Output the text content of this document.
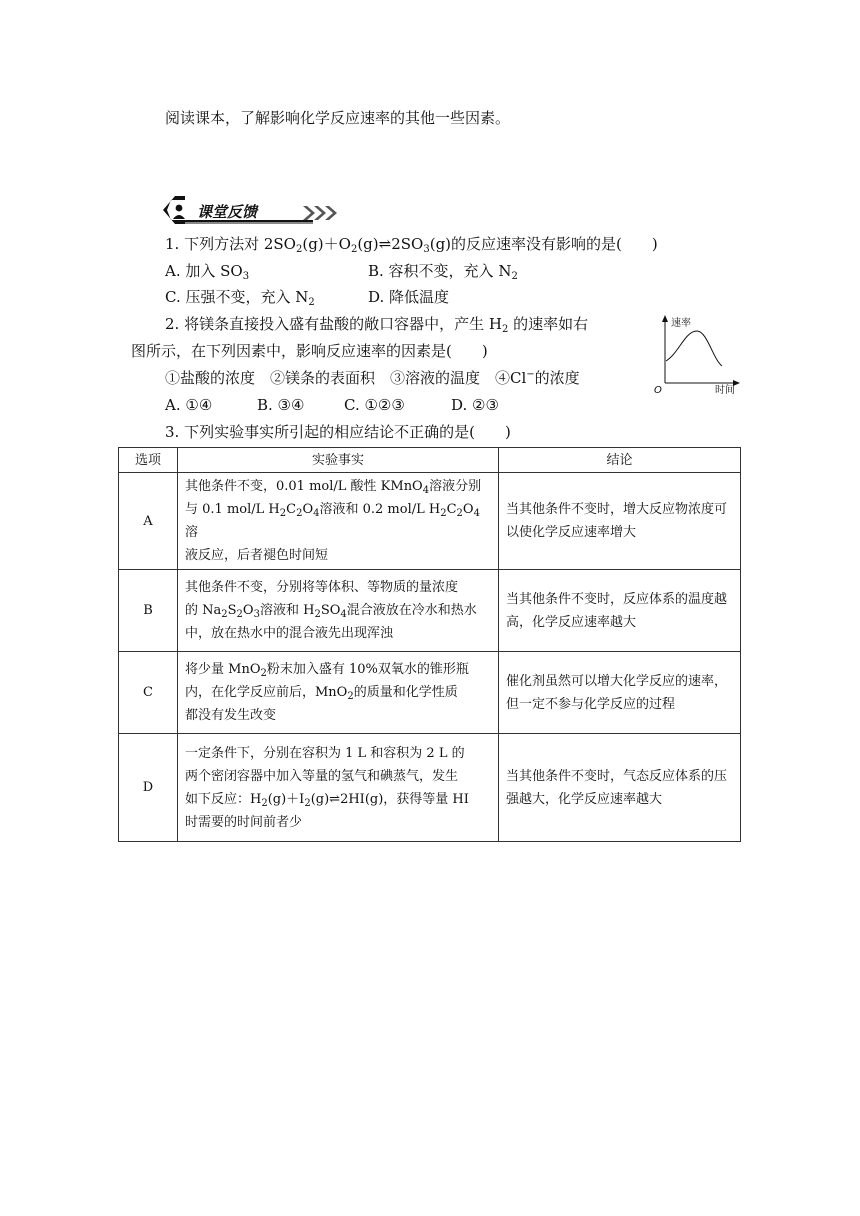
阅读课本，了解影响化学反应速率的其他一些因素。
课堂反馈
1. 下列方法对 $2SO_2(g)+O_2(g)\rightleftharpoons 2SO_3(g)$的反应速率没有影响的是( )
A. 加入 $SO_3$	B. 容积不变，充入 $N_2$
C. 压强不变，充入 $N_2$	D. 降低温度
2. 将镁条直接投入盛有盐酸的敞口容器中，产生 $H_2$ 的速率如右
图所示，在下列因素中，影响反应速率的因素是( )
①盐酸的浓度　②镁条的表面积　③溶液的温度　④Cl−的浓度
A. ①④	B. ③④	C. ①②③	D. ②③
速率
O	时间
3. 下列实验事实所引起的相应结论不正确的是( )
选项	实验事实	结论
A	其他条件不变，0.01 mol/L 酸性 KMnO$_4$溶液分别
与 0.1 mol/L $H_2C_2O_4$溶液和 0.2 mol/L $H_2C_2O_4$溶
液反应，后者褪色时间短	当其他条件不变时，增大反应物浓度可以使化学反应速率增大
B	其他条件不变，分别将等体积、等物质的量浓度
的 $Na_2S_2O_3$溶液和 $H_2SO_4$混合液放在冷水和热水
中，放在热水中的混合液先出现浑浊	当其他条件不变时，反应体系的温度越高，化学反应速率越大
C	将少量 MnO$_2$粉末加入盛有 10%双氧水的锥形瓶
内，在化学反应前后，MnO$_2$的质量和化学性质
都没有发生改变	催化剂虽然可以增大化学反应的速率，但一定不参与化学反应的过程
D	一定条件下，分别在容积为 1 L 和容积为 2 L 的
两个密闭容器中加入等量的氢气和碘蒸气，发生
如下反应：$H_2(g)+I_2(g)\rightleftharpoons 2HI(g)$，获得等量 HI
时需要的时间前者少	当其他条件不变时，气态反应体系的压强越大，化学反应速率越大
